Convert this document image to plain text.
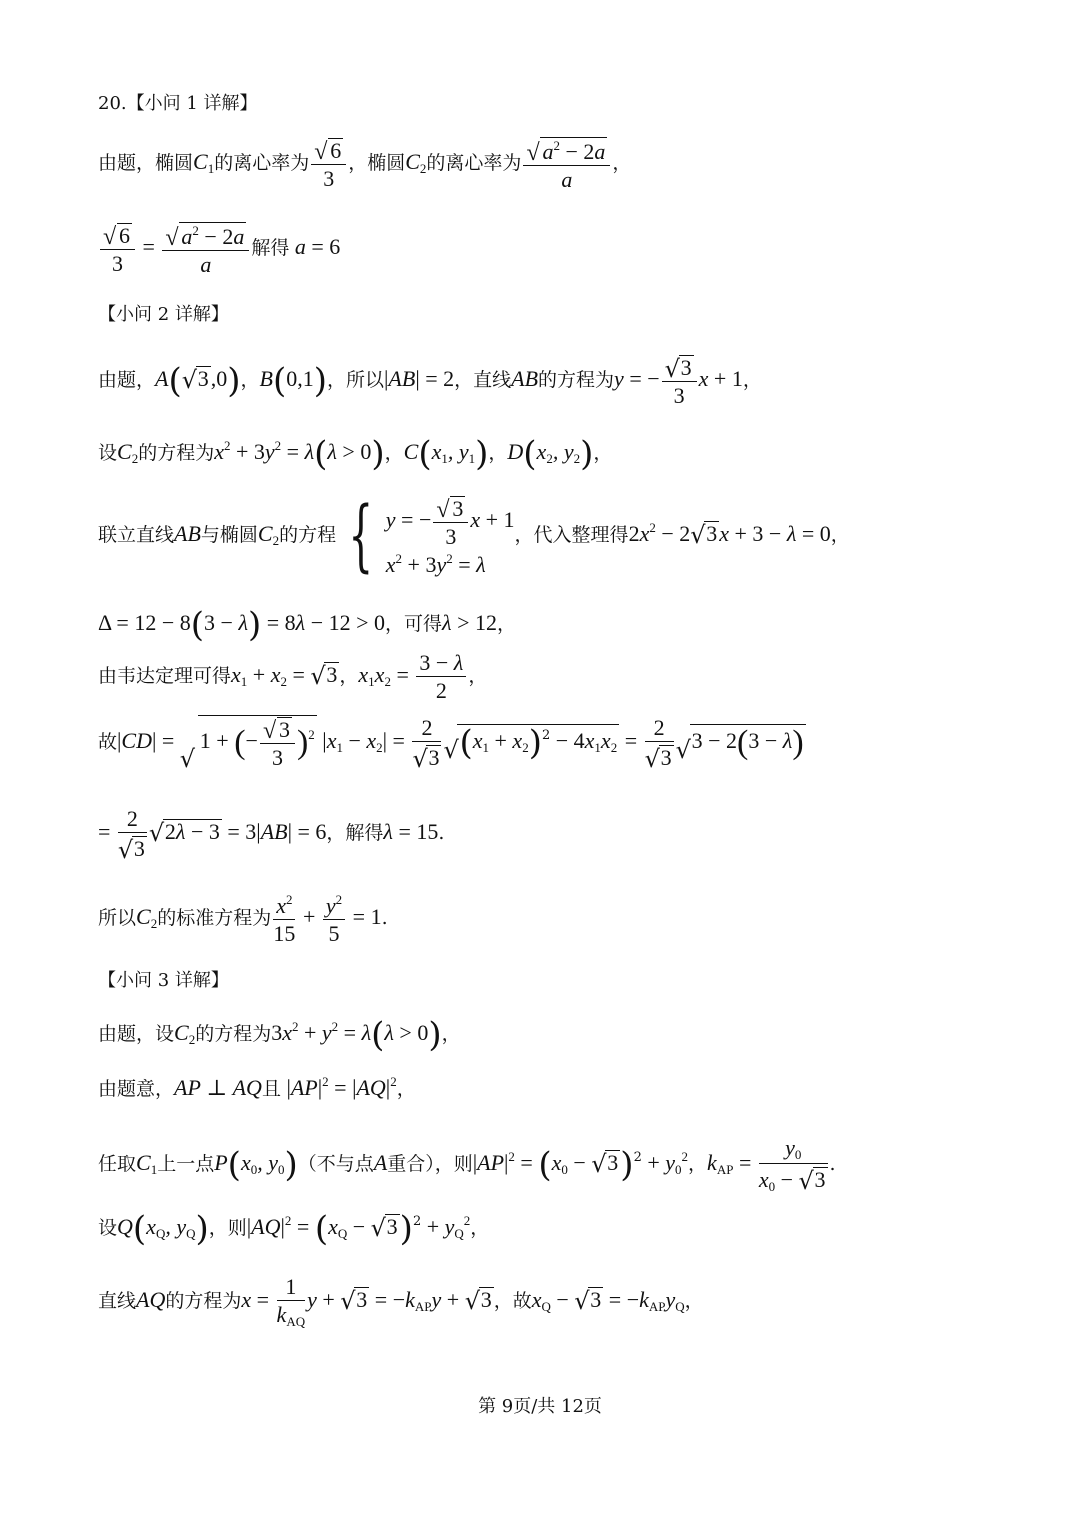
20.【小问 1 详解】
由题，椭圆$C_1$的离心率为
√ $\frac{6}{3}$ ，椭圆$C_2$的离心率为
√ $\frac{a^2 - 2a}{a}$ ，
√ $\frac{6}{3}$ =
√ $\frac{a^2 - 2a}{a}$ 解得 a = 6
【小问 2 详解】
由题，A(√ 3,0)，B(0,1)，所以|AB| = 2，直线AB的方程为y = −
√ $\frac{3}{3}$ x + 1，
设$C_2$的方程为$x^2 + 3y^2 = \lambda(\lambda > 0)$，$C(x_1$, $y_1$)，$D(x_2$, $y_2$)，
联立直线AB与椭圆$C_2$的方程 { y = −
√ $\frac{3}{3}$ x + 1
$x^2 + 3y^2 = \lambda$
，代入整理得$2x^2 - 2√$ 3x + 3 − λ = 0，
Δ = 12 − 8(3 − λ) = 8λ − 12 > 0，可得λ > 12，
由韦达定理可得$x_1 + x_2$ = √ 3 ，$x_1x_2 = \frac{3 - \lambda}{2}$ ，
故|CD| = √ 1 + (−
√ $\frac{3}{3} )^2$ $|x_1 - x_2| = 2$
√ 3
√ $(x_1 + x_2)^2 - 4x_1x_2 = 2$
√ 3
√ 3 − 2(3 − λ)
= 2
√ 3
√ 2λ − 3 = 3|AB| = 6，解得λ = 15.
所以$C_2$的标准方程为 $\frac{x^2}{15} + \frac{y^2}{5} = 1$.
【小问 3 详解】
由题，设$C_2$的方程为$3x^2 + y^2 = \lambda(\lambda > 0)$，
由题意，AP ⊥ AQ且 $|AP|^2 = |AQ|^2$，
任取$C_1$上一点$P(x_0$, $y_0$)（不与点A重合），则$|AP|^2 = (x_0$ − √ $3)^2 + y_0^2$，$k_{AP} = \frac{y_0}{x_0 - √ 3}$ .
设$Q(x_Q$, $y_Q$)，则$|AQ|^2 = (x_Q$ − √ $3)^2 + y_Q^2$，
直线AQ的方程为$x = \frac{1}{k_{AQ}}$ y + √ $3 = -k_{AP}y$ + √ 3 ，故$x_Q$ − √ $3 = -k_{AP}y_Q$，
第 9页/共 12页
